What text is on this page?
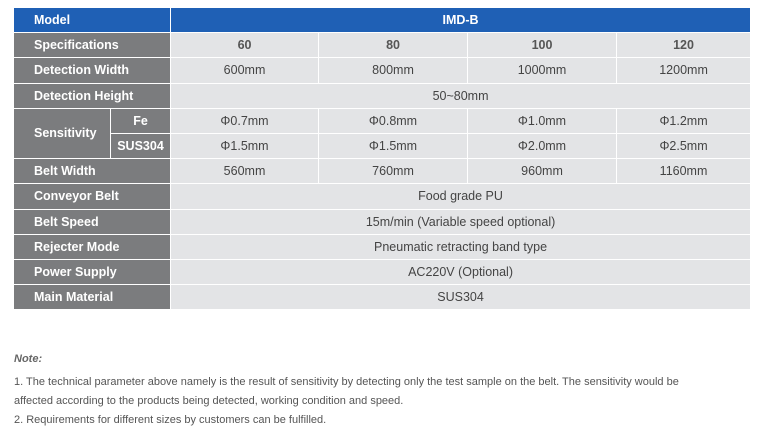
Model		IMD-B			
Specifications		60	80	100	120
Detection Width		600mm	800mm	1000mm	1200mm
Detection Height		50~80mm			
Sensitivity	Fe	Φ0.7mm	Φ0.8mm	Φ1.0mm	Φ1.2mm
	SUS304	Φ1.5mm	Φ1.5mm	Φ2.0mm	Φ2.5mm
Belt Width		560mm	760mm	960mm	1160mm
Conveyor Belt		Food grade PU			
Belt Speed		15m/min (Variable speed optional)			
Rejecter Mode		Pneumatic retracting band type			
Power Supply		AC220V (Optional)			
Main Material		SUS304			
Note:

1. The technical parameter above namely is the result of sensitivity by detecting only the test sample on the belt. The sensitivity would be

affected according to the products being detected, working condition and speed.

2. Requirements for different sizes by customers can be fulfilled.
